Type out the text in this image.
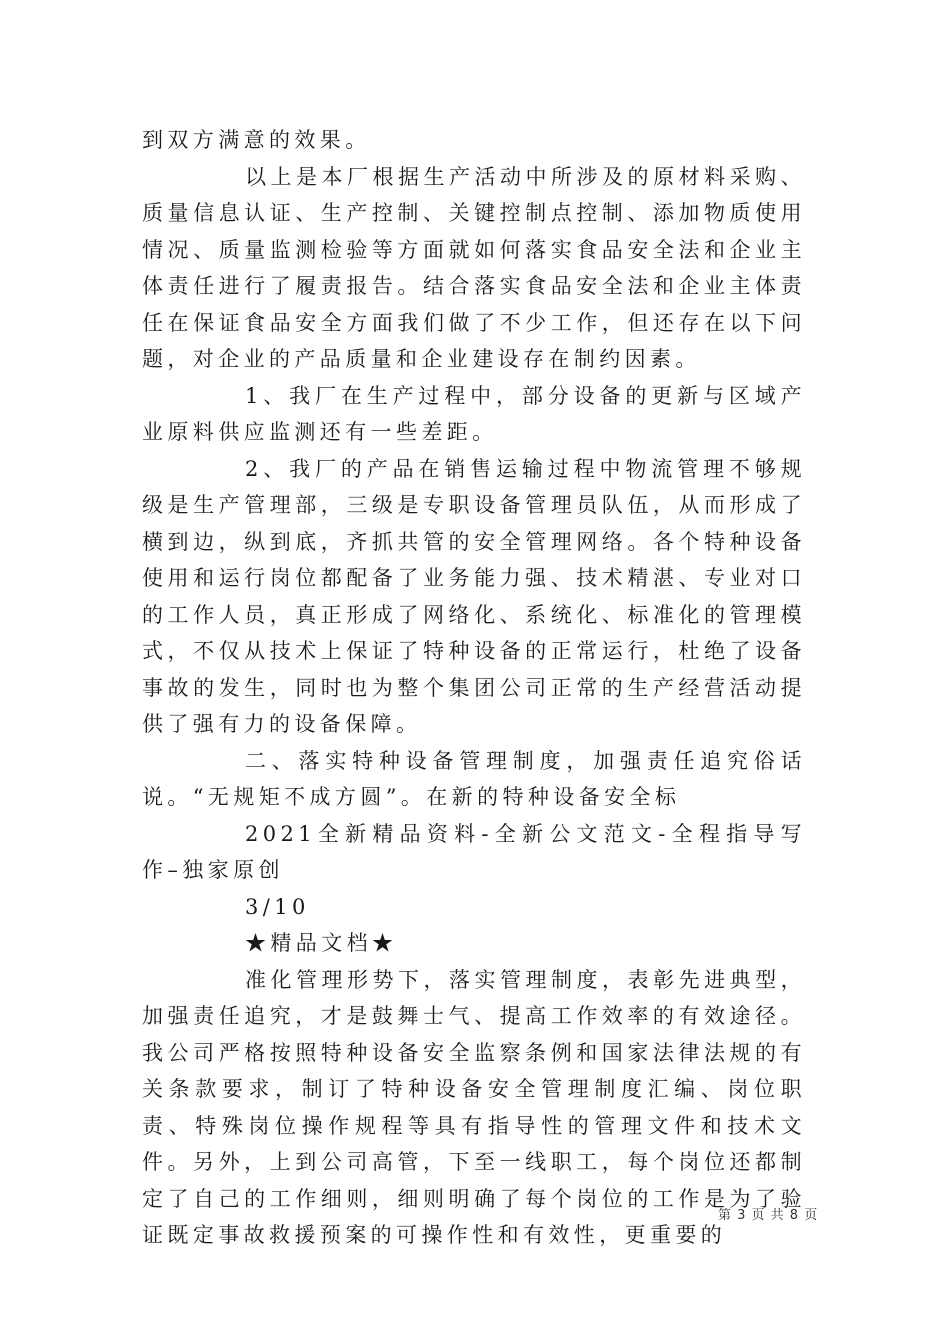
到双方满意的效果。

以上是本厂根据生产活动中所涉及的原材料采购、质量信息认证、生产控制、关键控制点控制、添加物质使用情况、质量监测检验等方面就如何落实食品安全法和企业主体责任进行了履责报告。结合落实食品安全法和企业主体责任在保证食品安全方面我们做了不少工作，但还存在以下问题，对企业的产品质量和企业建设存在制约因素。

1、我厂在生产过程中，部分设备的更新与区域产业原料供应监测还有一些差距。

2、我厂的产品在销售运输过程中物流管理不够规级是生产管理部，三级是专职设备管理员队伍，从而形成了横到边，纵到底，齐抓共管的安全管理网络。各个特种设备使用和运行岗位都配备了业务能力强、技术精湛、专业对口的工作人员，真正形成了网络化、系统化、标准化的管理模式，不仅从技术上保证了特种设备的正常运行，杜绝了设备事故的发生，同时也为整个集团公司正常的生产经营活动提供了强有力的设备保障。

二、落实特种设备管理制度，加强责任追究俗话说。“无规矩不成方圆”。在新的特种设备安全标

2021全新精品资料-全新公文范文-全程指导写作–独家原创

3/10

★精品文档★

准化管理形势下，落实管理制度，表彰先进典型，加强责任追究，才是鼓舞士气、提高工作效率的有效途径。我公司严格按照特种设备安全监察条例和国家法律法规的有关条款要求，制订了特种设备安全管理制度汇编、岗位职责、特殊岗位操作规程等具有指导性的管理文件和技术文件。另外，上到公司高管，下至一线职工，每个岗位还都制定了自己的工作细则，细则明确了每个岗位的工作是为了验证既定事故救援预案的可操作性和有效性，更重要的

第 3 页 共 8 页
